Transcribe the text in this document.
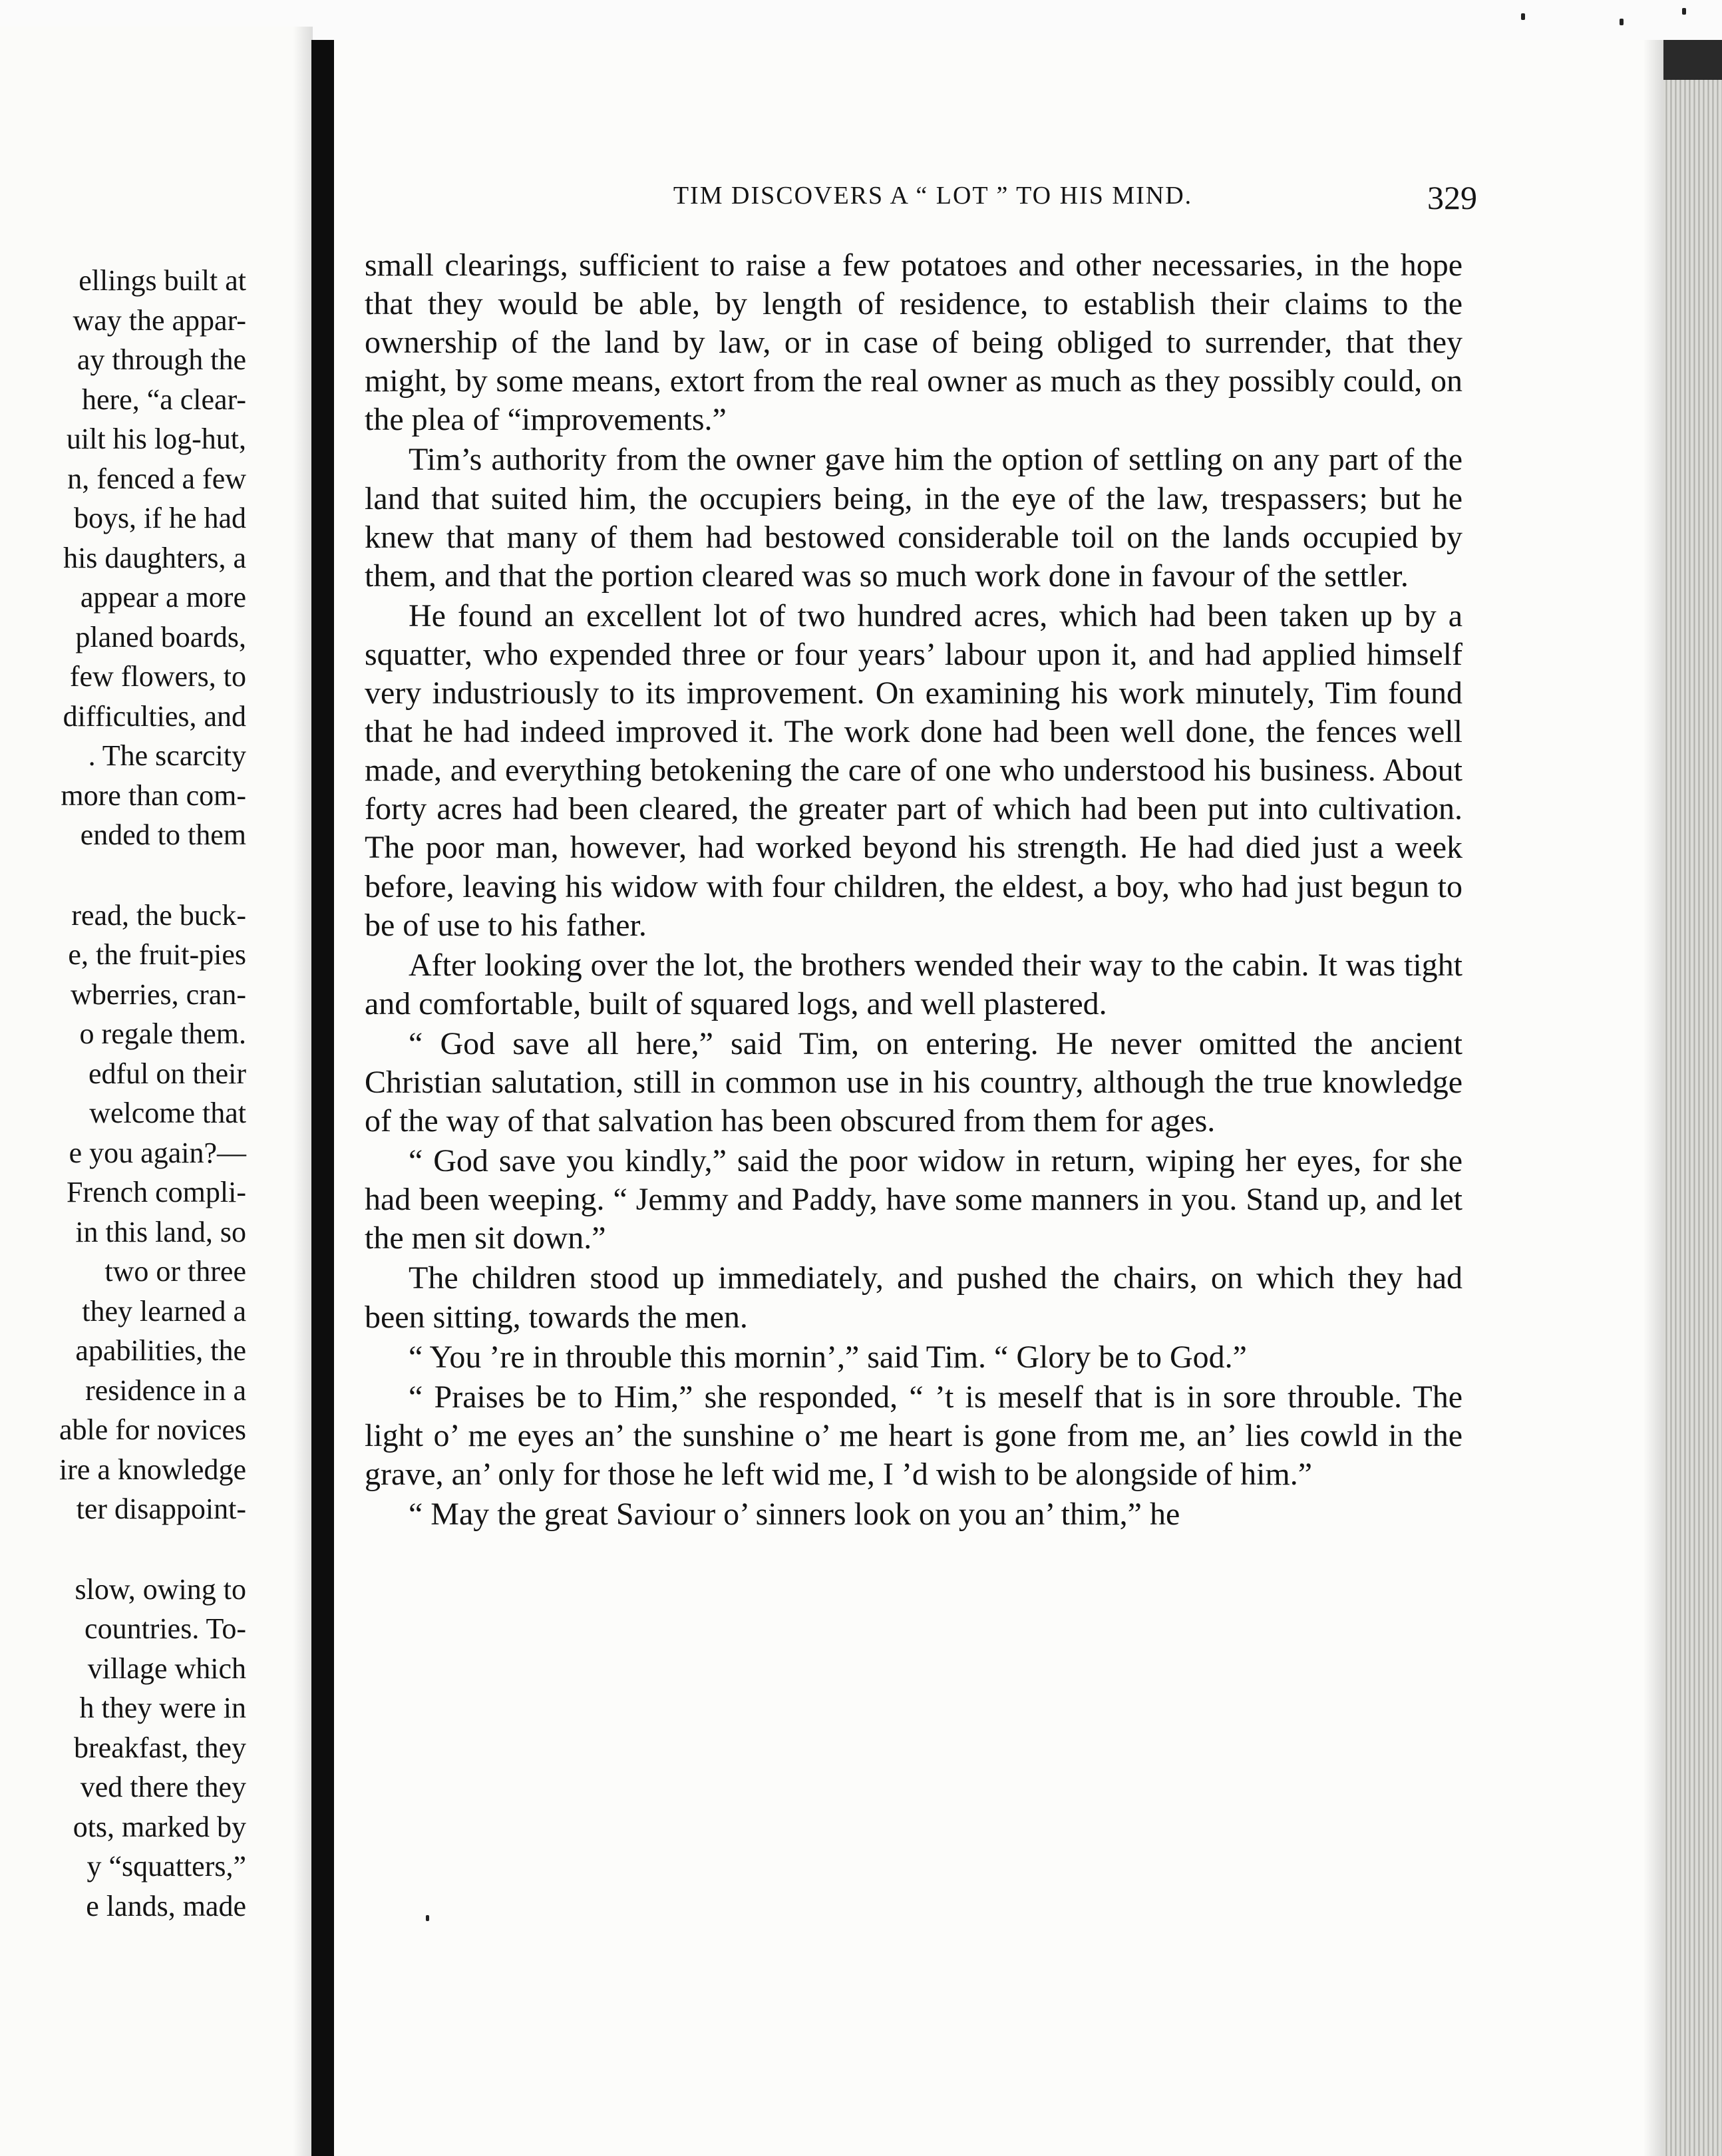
ellings built at
way the appar-
ay through the
here, “a clear-
uilt his log-hut,
n, fenced a few
boys, if he had
his daughters, a
appear a more
planed boards,
few flowers, to
difficulties, and
. The scarcity
more than com-
ended to them
read, the buck-
e, the fruit-pies
wberries, cran-
o regale them.
edful on their
welcome that
e you again?—
French compli-
in this land, so
two or three
they learned a
apabilities, the
residence in a
able for novices
ire a knowledge
ter disappoint-
slow, owing to
countries. To-
village which
h they were in
breakfast, they
ved there they
ots, marked by
y “squatters,”
e lands, made
TIM DISCOVERS A “ LOT ” TO HIS MIND.	329

small clearings, sufficient to raise a few potatoes and other necessaries, in the hope that they would be able, by length of residence, to establish their claims to the ownership of the land by law, or in case of being obliged to surrender, that they might, by some means, extort from the real owner as much as they possibly could, on the plea of “improvements.”

Tim’s authority from the owner gave him the option of settling on any part of the land that suited him, the occupiers being, in the eye of the law, trespassers; but he knew that many of them had bestowed considerable toil on the lands occupied by them, and that the portion cleared was so much work done in favour of the settler.

He found an excellent lot of two hundred acres, which had been taken up by a squatter, who expended three or four years’ labour upon it, and had applied himself very industriously to its improvement. On examining his work minutely, Tim found that he had indeed improved it. The work done had been well done, the fences well made, and everything betokening the care of one who understood his business. About forty acres had been cleared, the greater part of which had been put into cultivation. The poor man, however, had worked beyond his strength. He had died just a week before, leaving his widow with four children, the eldest, a boy, who had just begun to be of use to his father.

After looking over the lot, the brothers wended their way to the cabin. It was tight and comfortable, built of squared logs, and well plastered.

“ God save all here,” said Tim, on entering. He never omitted the ancient Christian salutation, still in common use in his country, although the true knowledge of the way of that salvation has been obscured from them for ages.

“ God save you kindly,” said the poor widow in return, wiping her eyes, for she had been weeping. “ Jemmy and Paddy, have some manners in you. Stand up, and let the men sit down.”

The children stood up immediately, and pushed the chairs, on which they had been sitting, towards the men.

“ You ’re in throuble this mornin’,” said Tim. “ Glory be to God.”

“ Praises be to Him,” she responded, “ ’t is meself that is in sore throuble. The light o’ me eyes an’ the sunshine o’ me heart is gone from me, an’ lies cowld in the grave, an’ only for those he left wid me, I ’d wish to be alongside of him.”

“ May the great Saviour o’ sinners look on you an’ thim,” he
